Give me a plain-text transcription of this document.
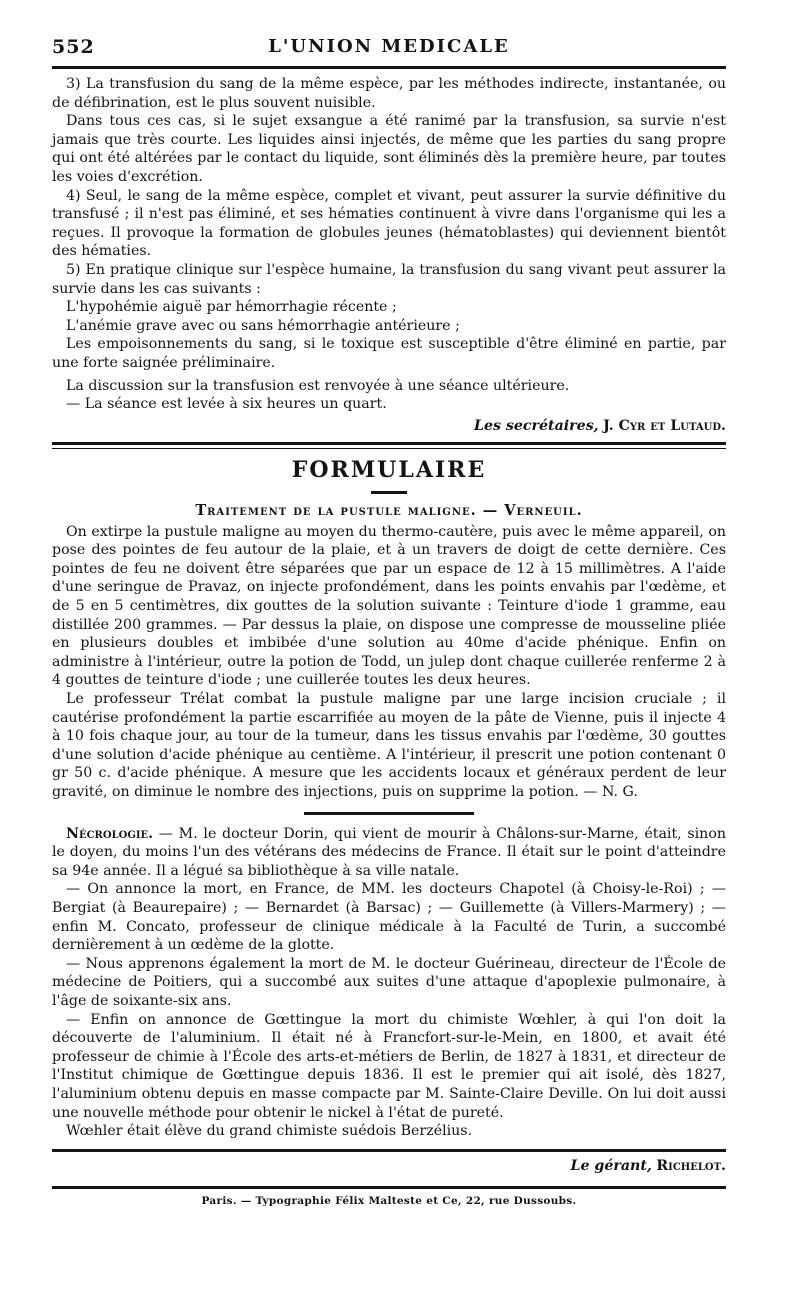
552	L'UNION MEDICALE

3) La transfusion du sang de la même espèce, par les méthodes indirecte, instantanée, ou de défibrination, est le plus souvent nuisible.

Dans tous ces cas, si le sujet exsangue a été ranimé par la transfusion, sa survie n'est jamais que très courte. Les liquides ainsi injectés, de même que les parties du sang propre qui ont été altérées par le contact du liquide, sont éliminés dès la première heure, par toutes les voies d'excrétion.

4) Seul, le sang de la même espèce, complet et vivant, peut assurer la survie définitive du transfusé ; il n'est pas éliminé, et ses hématies continuent à vivre dans l'organisme qui les a reçues. Il provoque la formation de globules jeunes (hématoblastes) qui deviennent bientôt des hématies.

5) En pratique clinique sur l'espèce humaine, la transfusion du sang vivant peut assurer la survie dans les cas suivants :

L'hypohémie aiguë par hémorrhagie récente ;

L'anémie grave avec ou sans hémorrhagie antérieure ;

Les empoisonnements du sang, si le toxique est susceptible d'être éliminé en partie, par une forte saignée préliminaire.

La discussion sur la transfusion est renvoyée à une séance ultérieure.

— La séance est levée à six heures un quart.

Les secrétaires, J. Cyr et Lutaud.

FORMULAIRE
Traitement de la pustule maligne. — Verneuil.

On extirpe la pustule maligne au moyen du thermo-cautère, puis avec le même appareil, on pose des pointes de feu autour de la plaie, et à un travers de doigt de cette dernière. Ces pointes de feu ne doivent être séparées que par un espace de 12 à 15 millimètres. A l'aide d'une seringue de Pravaz, on injecte profondément, dans les points envahis par l'œdème, et de 5 en 5 centimètres, dix gouttes de la solution suivante : Teinture d'iode 1 gramme, eau distillée 200 grammes. — Par dessus la plaie, on dispose une compresse de mousseline pliée en plusieurs doubles et imbibée d'une solution au 40me d'acide phénique. Enfin on administre à l'intérieur, outre la potion de Todd, un julep dont chaque cuillerée renferme 2 à 4 gouttes de teinture d'iode ; une cuillerée toutes les deux heures.

Le professeur Trélat combat la pustule maligne par une large incision cruciale ; il cautérise profondément la partie escarrifiée au moyen de la pâte de Vienne, puis il injecte 4 à 10 fois chaque jour, au tour de la tumeur, dans les tissus envahis par l'œdème, 30 gouttes d'une solution d'acide phénique au centième. A l'intérieur, il prescrit une potion contenant 0 gr 50 c. d'acide phénique. A mesure que les accidents locaux et généraux perdent de leur gravité, on diminue le nombre des injections, puis on supprime la potion. — N. G.

Nécrologie. — M. le docteur Dorin, qui vient de mourir à Châlons-sur-Marne, était, sinon le doyen, du moins l'un des vétérans des médecins de France. Il était sur le point d'atteindre sa 94e année. Il a légué sa bibliothèque à sa ville natale.

— On annonce la mort, en France, de MM. les docteurs Chapotel (à Choisy-le-Roi) ; — Bergiat (à Beaurepaire) ; — Bernardet (à Barsac) ; — Guillemette (à Villers-Marmery) ; — enfin M. Concato, professeur de clinique médicale à la Faculté de Turin, a succombé dernièrement à un œdème de la glotte.

— Nous apprenons également la mort de M. le docteur Guérineau, directeur de l'École de médecine de Poitiers, qui a succombé aux suites d'une attaque d'apoplexie pulmonaire, à l'âge de soixante-six ans.

— Enfin on annonce de Gœttingue la mort du chimiste Wœhler, à qui l'on doit la découverte de l'aluminium. Il était né à Francfort-sur-le-Mein, en 1800, et avait été professeur de chimie à l'École des arts-et-métiers de Berlin, de 1827 à 1831, et directeur de l'Institut chimique de Gœttingue depuis 1836. Il est le premier qui ait isolé, dès 1827, l'aluminium obtenu depuis en masse compacte par M. Sainte-Claire Deville. On lui doit aussi une nouvelle méthode pour obtenir le nickel à l'état de pureté.

Wœhler était élève du grand chimiste suédois Berzélius.

Le gérant, Richelot.

Paris. — Typographie Félix Malteste et Ce, 22, rue Dussoubs.
